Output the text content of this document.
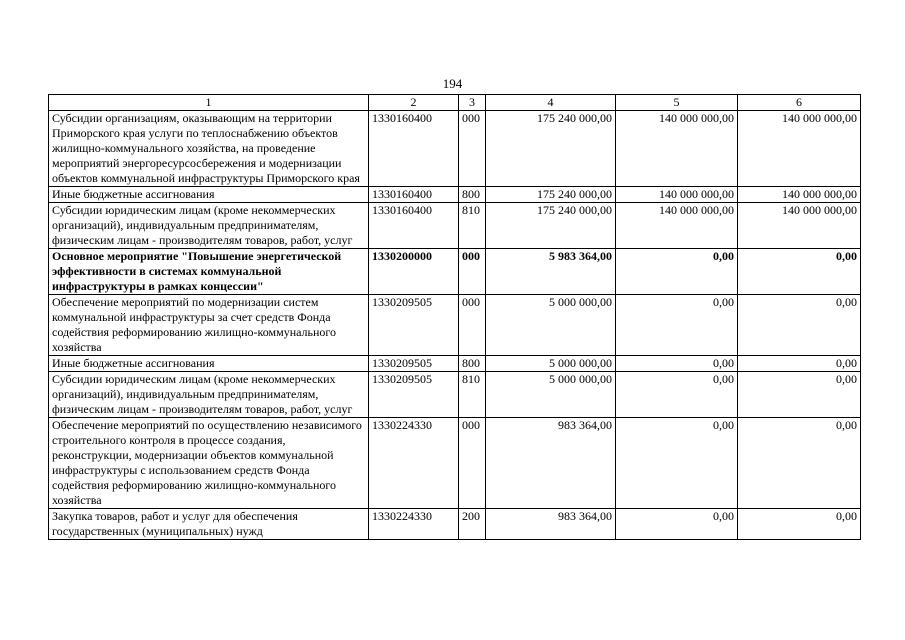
194
1	2	3	4	5	6
Субсидии организациям, оказывающим на территории Приморского края услуги по теплоснабжению объектов жилищно-коммунального хозяйства, на проведение мероприятий энергоресурсосбережения и модернизации объектов коммунальной инфраструктуры Приморского края	1330160400	000	175 240 000,00	140 000 000,00	140 000 000,00
Иные бюджетные ассигнования	1330160400	800	175 240 000,00	140 000 000,00	140 000 000,00
Субсидии юридическим лицам (кроме некоммерческих организаций), индивидуальным предпринимателям, физическим лицам - производителям товаров, работ, услуг	1330160400	810	175 240 000,00	140 000 000,00	140 000 000,00
Основное мероприятие "Повышение энергетической эффективности в системах коммунальной инфраструктуры в рамках концессии"	1330200000	000	5 983 364,00	0,00	0,00
Обеспечение мероприятий по модернизации систем коммунальной инфраструктуры за счет средств Фонда содействия реформированию жилищно-коммунального хозяйства	1330209505	000	5 000 000,00	0,00	0,00
Иные бюджетные ассигнования	1330209505	800	5 000 000,00	0,00	0,00
Субсидии юридическим лицам (кроме некоммерческих организаций), индивидуальным предпринимателям, физическим лицам - производителям товаров, работ, услуг	1330209505	810	5 000 000,00	0,00	0,00
Обеспечение мероприятий по осуществлению независимого строительного контроля в процессе создания, реконструкции, модернизации объектов коммунальной инфраструктуры с использованием средств Фонда содействия реформированию жилищно-коммунального хозяйства	1330224330	000	983 364,00	0,00	0,00
Закупка товаров, работ и услуг для обеспечения государственных (муниципальных) нужд	1330224330	200	983 364,00	0,00	0,00
